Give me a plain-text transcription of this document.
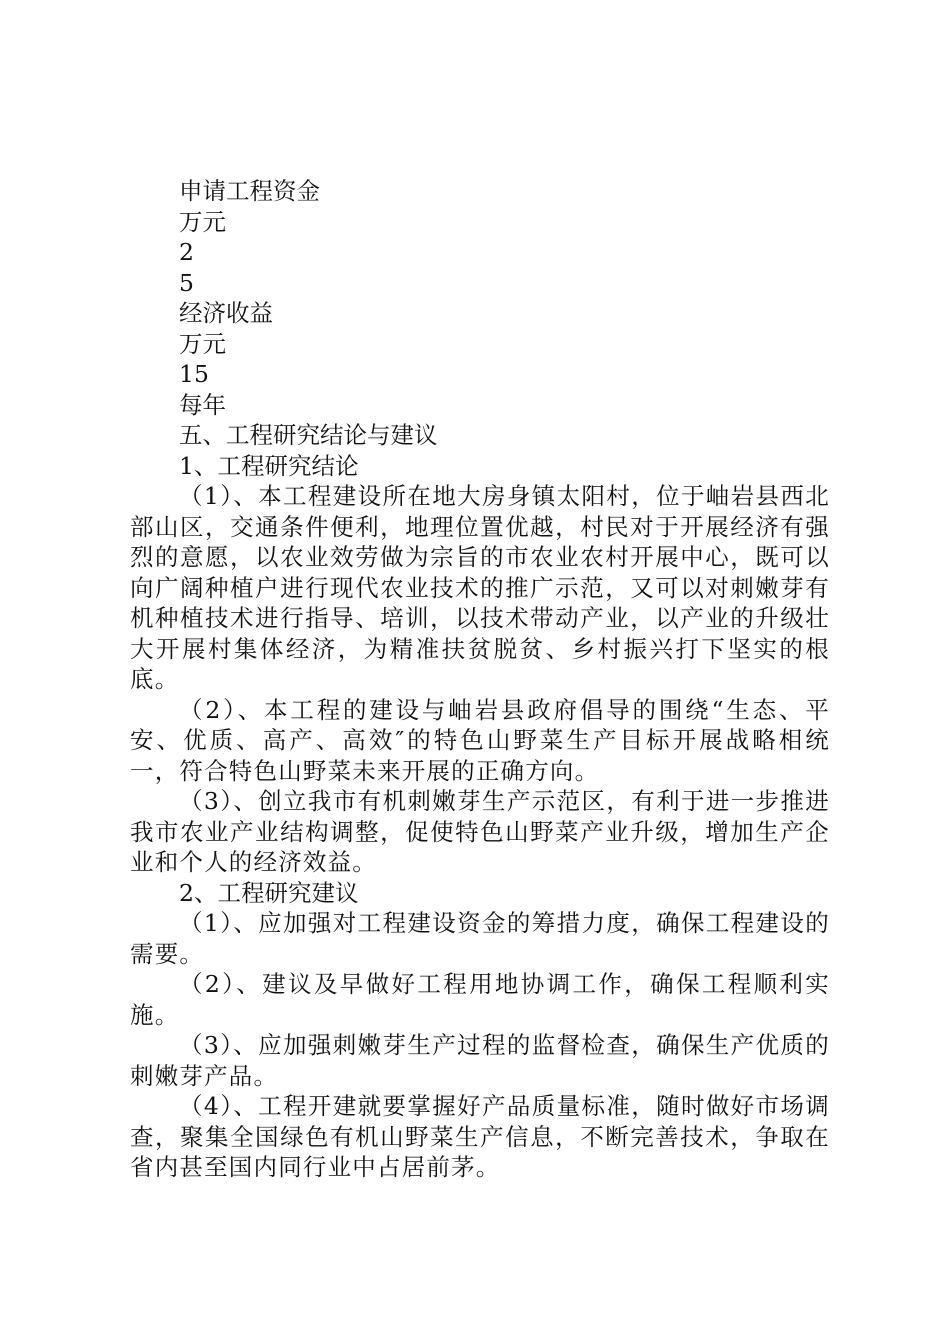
申请工程资金

万元

2

5

经济收益

万元

15

每年

五、工程研究结论与建议

1、工程研究结论

（1）、本工程建设所在地大房身镇太阳村，位于岫岩县西北部山区，交通条件便利，地理位置优越，村民对于开展经济有强烈的意愿，以农业效劳做为宗旨的市农业农村开展中心，既可以向广阔种植户进行现代农业技术的推广示范，又可以对刺嫩芽有机种植技术进行指导、培训，以技术带动产业，以产业的升级壮大开展村集体经济，为精准扶贫脱贫、乡村振兴打下坚实的根底。

（2）、本工程的建设与岫岩县政府倡导的围绕“生态、平安、优质、高产、高效″的特色山野菜生产目标开展战略相统一，符合特色山野菜未来开展的正确方向。

（3）、创立我市有机刺嫩芽生产示范区，有利于进一步推进我市农业产业结构调整，促使特色山野菜产业升级，增加生产企业和个人的经济效益。

2、工程研究建议

（1）、应加强对工程建设资金的筹措力度，确保工程建设的需要。

（2）、建议及早做好工程用地协调工作，确保工程顺利实施。

（3）、应加强刺嫩芽生产过程的监督检查，确保生产优质的刺嫩芽产品。

（4）、工程开建就要掌握好产品质量标准，随时做好市场调查，聚集全国绿色有机山野菜生产信息，不断完善技术，争取在省内甚至国内同行业中占居前茅。
